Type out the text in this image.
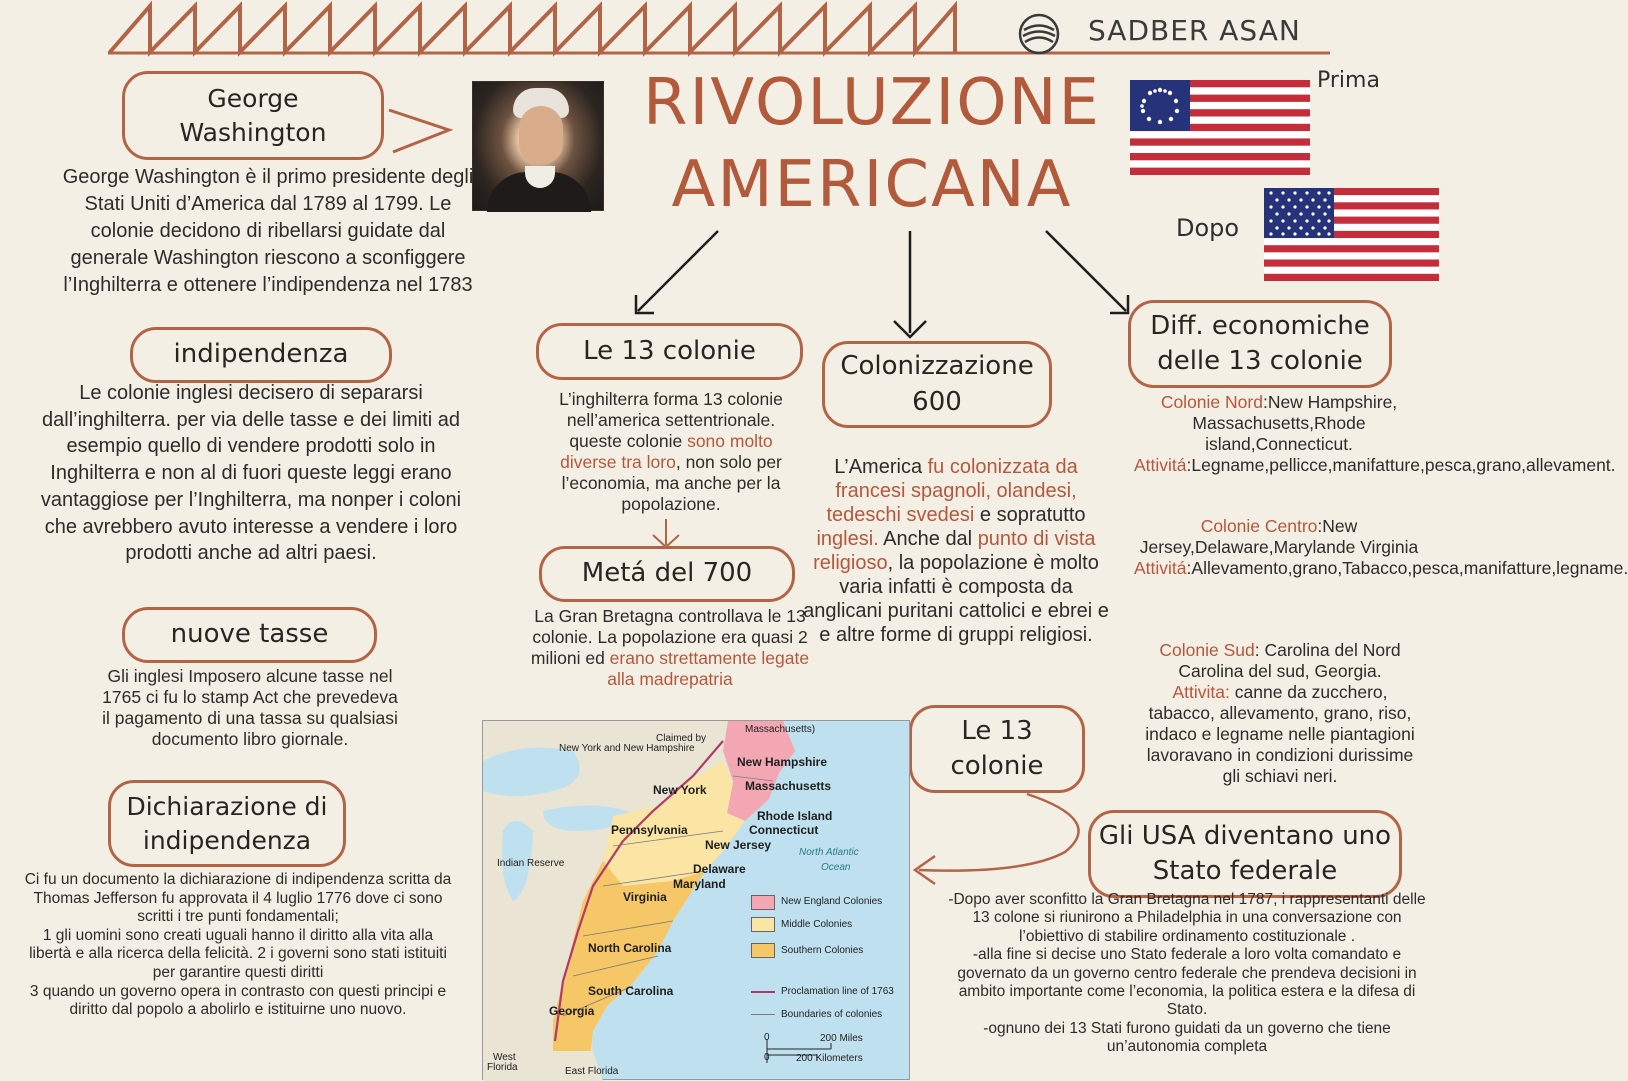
SADBER ASAN
RIVOLUZIONE
AMERICANA
Prima
Dopo
George
Washington
George Washington è il primo presidente degli Stati Uniti d’America dal 1789 al 1799. Le colonie decidono di ribellarsi guidate dal generale Washington riescono a sconfiggere l’Inghilterra e ottenere l’indipendenza nel 1783
indipendenza
Le colonie inglesi decisero di separarsi dall’inghilterra. per via delle tasse e dei limiti ad esempio quello di vendere prodotti solo in Inghilterra e non al di fuori queste leggi erano vantaggiose per l’Inghilterra, ma nonper i coloni che avrebbero avuto interesse a vendere i loro prodotti anche ad altri paesi.
nuove tasse
Gli inglesi Imposero alcune tasse nel 1765 ci fu lo stamp Act che prevedeva il pagamento di una tassa su qualsiasi documento libro giornale.
Dichiarazione di
indipendenza
Ci fu un documento la dichiarazione di indipendenza scritta da
Thomas Jefferson fu approvata il 4 luglio 1776 dove ci sono
scritti i tre punti fondamentali;
1 gli uomini sono creati uguali hanno il diritto alla vita alla
libertà e alla ricerca della felicità. 2 i governi sono stati istituiti
per garantire questi diritti
3 quando un governo opera in contrasto con questi principi e
diritto dal popolo a abolirlo e istituirne uno nuovo.
Le 13 colonie
L’inghilterra forma 13 colonie nell’america settentrionale. queste colonie sono molto diverse tra loro, non solo per l’economia, ma anche per la popolazione.
Metá del 700
La Gran Bretagna controllava le 13 colonie. La popolazione era quasi 2 milioni ed erano strettamente legate alla madrepatria
Colonizzazione
600
L’America fu colonizzata da francesi spagnoli, olandesi, tedeschi svedesi e sopratutto inglesi. Anche dal punto di vista religioso, la popolazione è molto varia infatti è composta da anglicani puritani cattolici e ebrei e e altre forme di gruppi religiosi.
Diff. economiche
delle 13 colonie
Colonie Nord:New Hampshire, Massachusetts,Rhode island,Connecticut.
Attivitá:Legname,pellicce,manifatture,pesca,grano,allevament.
Colonie Centro:New Jersey,Delaware,Marylande Virginia
Attivitá:Allevamento,grano,Tabacco,pesca,manifatture,legname.
Colonie Sud: Carolina del Nord Carolina del sud, Georgia.
Attivita: canne da zucchero, tabacco, allevamento, grano, riso, indaco e legname nelle piantagioni lavoravano in condizioni durissime gli schiavi neri.
Le 13
colonie
Gli USA diventano uno
Stato federale
-Dopo aver sconfitto la Gran Bretagna nel 1787, i rappresentanti delle 13 colone si riunirono a Philadelphia in una conversazione con l’obiettivo di stabilire ordinamento costituzionale .
-alla fine si decise uno Stato federale a loro volta comandato e governato da un governo centro federale che prendeva decisioni in ambito importante come l’economia, la politica estera e la difesa di Stato.
-ognuno dei 13 Stati furono guidati da un governo che tiene un’autonomia completa
Claimed by
New York and New Hampshire
Massachusetts)
New Hampshire
New York	Massachusetts
Rhode Island
Connecticut
Pennsylvania
New Jersey
Delaware
Maryland
Virginia
North Carolina
South Carolina
Georgia
Indian Reserve
North Atlantic
Ocean
West
Florida	East Florida
New England Colonies
Middle Colonies
Southern Colonies
Proclamation line of 1763
Boundaries of colonies
0
0
200 Miles
200 Kilometers
